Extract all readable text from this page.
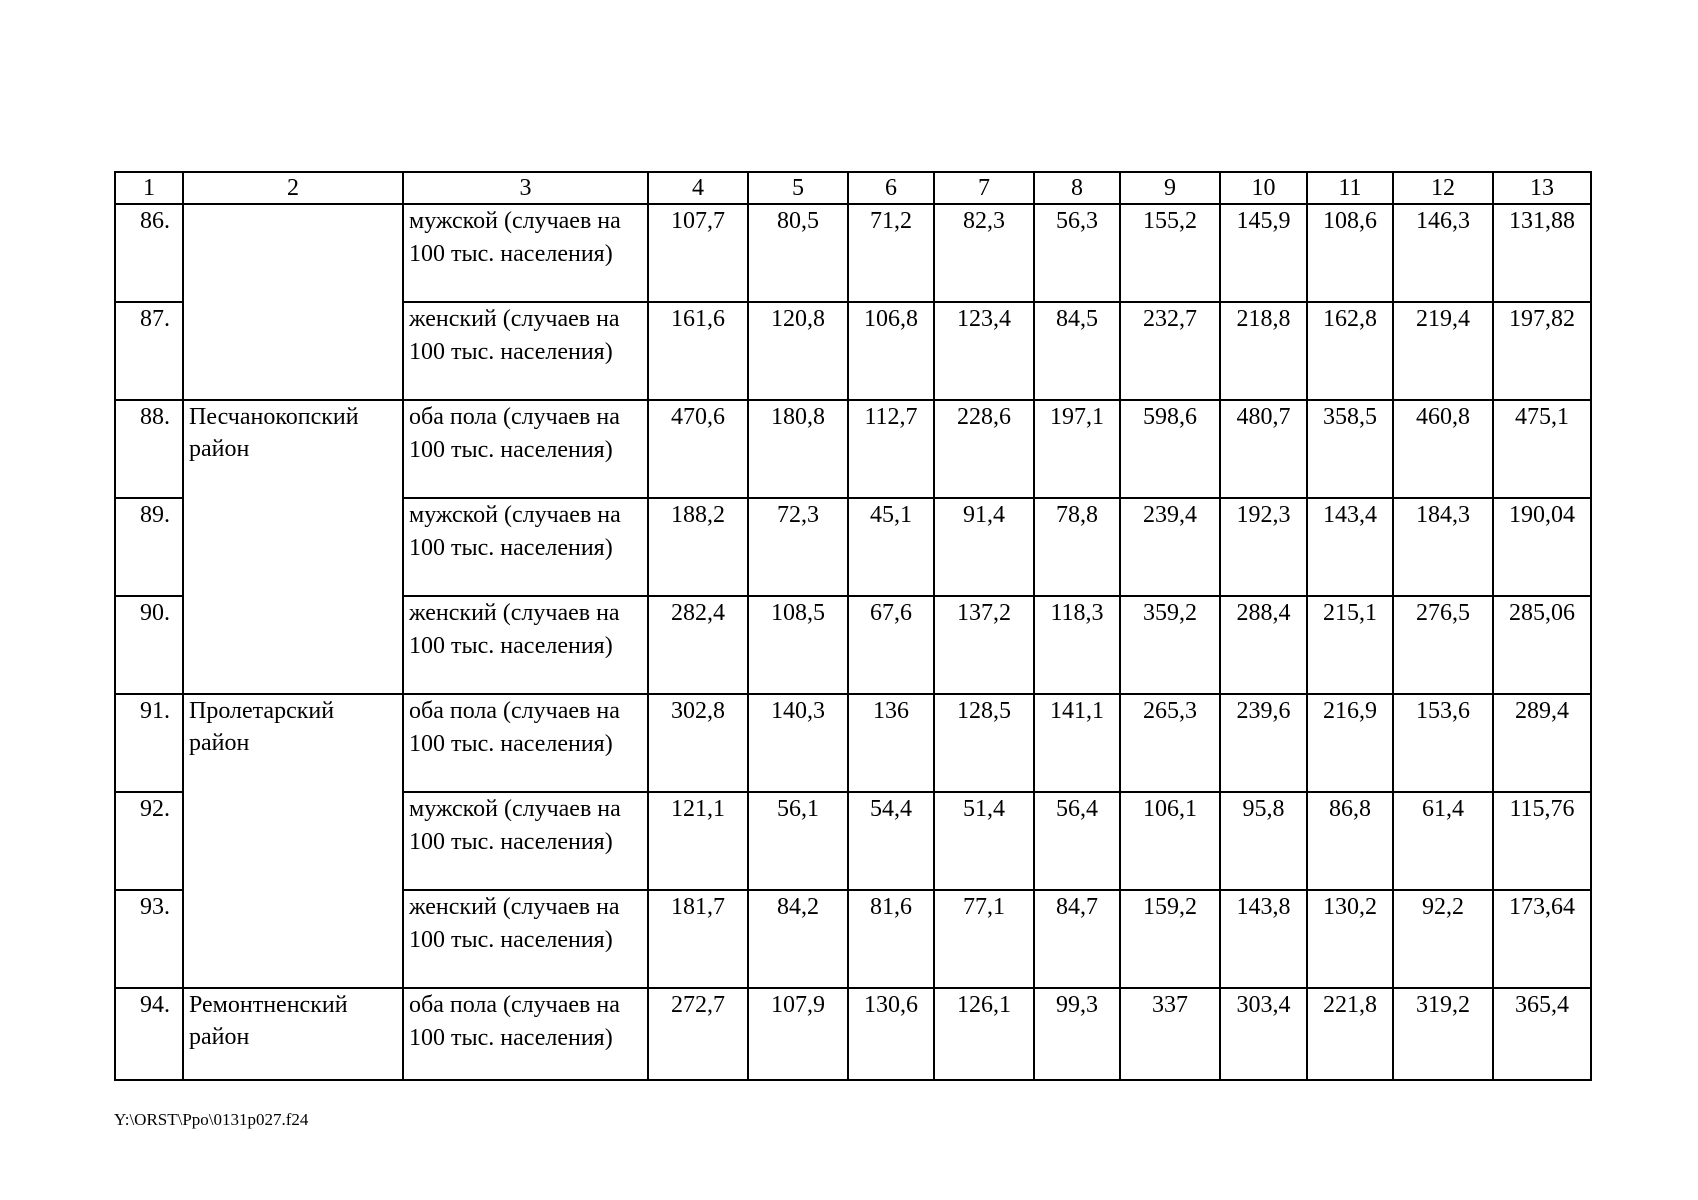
1	2	3	4	5	6	7	8	9	10	11	12	13
86.		мужской (случаев на 100 тыс. населения)	107,7	80,5	71,2	82,3	56,3	155,2	145,9	108,6	146,3	131,88
87.		женский (случаев на 100 тыс. населения)	161,6	120,8	106,8	123,4	84,5	232,7	218,8	162,8	219,4	197,82
88.	Песчанокопский район	оба пола (случаев на 100 тыс. населения)	470,6	180,8	112,7	228,6	197,1	598,6	480,7	358,5	460,8	475,1
89.		мужской (случаев на 100 тыс. населения)	188,2	72,3	45,1	91,4	78,8	239,4	192,3	143,4	184,3	190,04
90.		женский (случаев на 100 тыс. населения)	282,4	108,5	67,6	137,2	118,3	359,2	288,4	215,1	276,5	285,06
91.	Пролетарский район	оба пола (случаев на 100 тыс. населения)	302,8	140,3	136	128,5	141,1	265,3	239,6	216,9	153,6	289,4
92.		мужской (случаев на 100 тыс. населения)	121,1	56,1	54,4	51,4	56,4	106,1	95,8	86,8	61,4	115,76
93.		женский (случаев на 100 тыс. населения)	181,7	84,2	81,6	77,1	84,7	159,2	143,8	130,2	92,2	173,64
94.	Ремонтненский район	оба пола (случаев на 100 тыс. населения)	272,7	107,9	130,6	126,1	99,3	337	303,4	221,8	319,2	365,4
Y:\ORST\Ppo\0131p027.f24
